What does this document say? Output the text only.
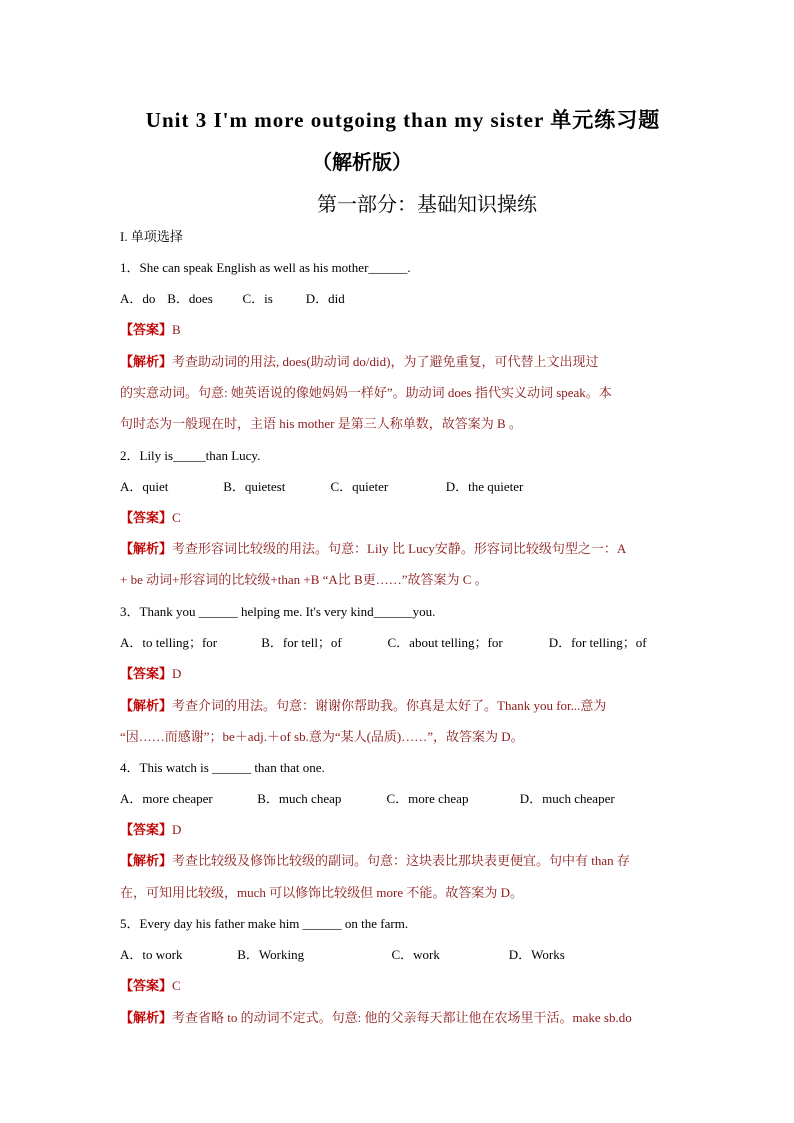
Unit 3 I'm more outgoing than my sister 单元练习题
（解析版）
第一部分：基础知识操练
I. 单项选择
1．She can speak English as well as his mother______.
A．do B．does C．is	D．did
【答案】B
【解析】考查助动词的用法, does(助动词 do/did)，为了避免重复，可代替上文出现过
的实意动词。句意: 她英语说的像她妈妈一样好”。助动词 does 指代实义动词 speak。本
句时态为一般现在时，主语 his mother 是第三人称单数，故答案为 B 。
2．Lily is_____than Lucy.
A．quiet	B．quietest	C．quieter	D．the quieter
【答案】C
【解析】考查形容词比较级的用法。句意：Lily 比 Lucy安静。形容词比较级句型之一：A
+ be 动词+形容词的比较级+than +B “A比 B更……”故答案为 C 。
3．Thank you ______ helping me. It's very kind______you.
A．to telling；for	B．for tell；of	C．about telling；for	D．for telling；of
【答案】D
【解析】考查介词的用法。句意：谢谢你帮助我。你真是太好了。Thank you for...意为
“因……而感谢”；be＋adj.＋of sb.意为“某人(品质)……”，故答案为 D。
4．This watch is ______ than that one.
A．more cheaper	B．much cheap	C．more cheap	D．much cheaper
【答案】D
【解析】考查比较级及修饰比较级的副词。句意：这块表比那块表更便宜。句中有 than 存
在，可知用比较级，much 可以修饰比较级但 more 不能。故答案为 D。
5．Every day his father make him ______ on the farm.
A．to work	B．Working	C．work	D．Works
【答案】C
【解析】考查省略 to 的动词不定式。句意: 他的父亲每天都让他在农场里干活。make sb.do
